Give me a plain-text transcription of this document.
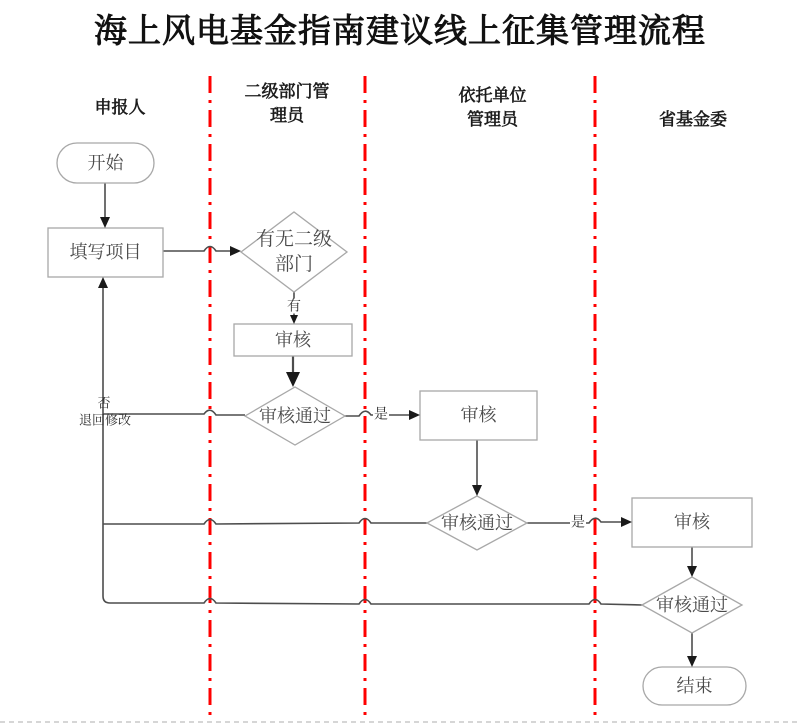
海上风电基金指南建议线上征集管理流程
申报人
二级部门管
理员
依托单位
管理员	省基金委
开始
填写项目
有无二级
部门
审核
审核通过	审核
审核通过	审核
审核通过
结束
有
是
是
否
退回修改
